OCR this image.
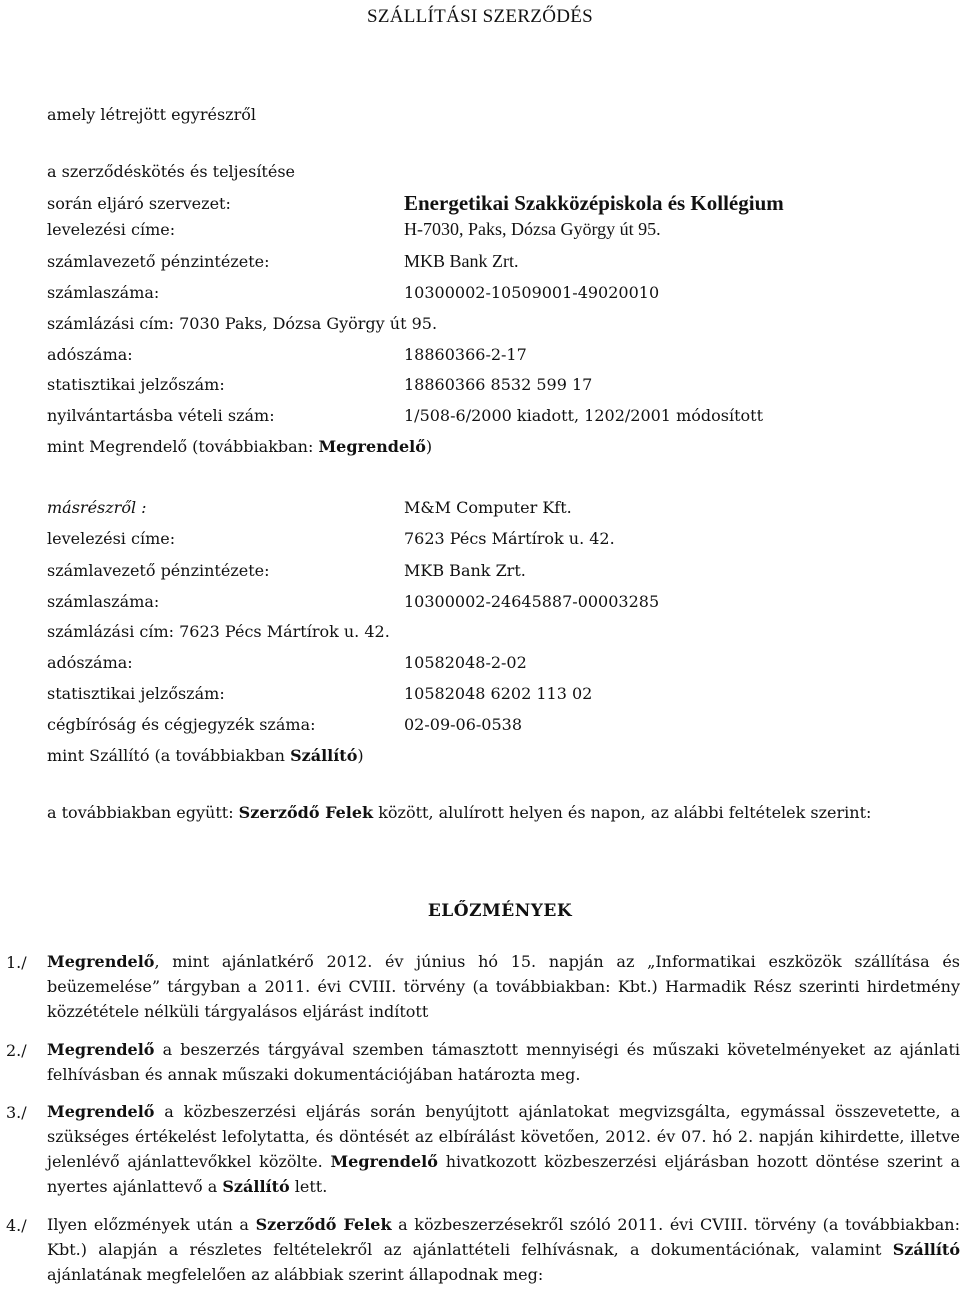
SZÁLLÍTÁSI SZERZŐDÉS
amely létrejött egyrészről
a szerződéskötés és teljesítése
során eljáró szervezet:	Energetikai Szakközépiskola és Kollégium
levelezési címe:	H-7030, Paks, Dózsa György út 95.
számlavezető pénzintézete:	MKB Bank Zrt.
számlaszáma:	10300002-10509001-49020010
számlázási cím: 7030 Paks, Dózsa György út 95.
adószáma:	18860366-2-17
statisztikai jelzőszám:	18860366 8532 599 17
nyilvántartásba vételi szám:	1/508-6/2000 kiadott, 1202/2001 módosított
mint Megrendelő (továbbiakban: Megrendelő)
másrészről :	M&M Computer Kft.
levelezési címe:	7623 Pécs Mártírok u. 42.
számlavezető pénzintézete:	MKB Bank Zrt.
számlaszáma:	10300002-24645887-00003285
számlázási cím: 7623 Pécs Mártírok u. 42.
adószáma:	10582048-2-02
statisztikai jelzőszám:	10582048 6202 113 02
cégbíróság és cégjegyzék száma:	02-09-06-0538
mint Szállító (a továbbiakban Szállító)
a továbbiakban együtt: Szerződő Felek között, alulírott helyen és napon, az alábbi feltételek szerint:
ELŐZMÉNYEK
1./ Megrendelő, mint ajánlatkérő 2012. év június hó 15. napján az „Informatikai eszközök szállítása és beüzemelése” tárgyban a 2011. évi CVIII. törvény (a továbbiakban: Kbt.) Harmadik Rész szerinti hirdetmény közzététele nélküli tárgyalásos eljárást indított
2./ Megrendelő a beszerzés tárgyával szemben támasztott mennyiségi és műszaki követelményeket az ajánlati felhívásban és annak műszaki dokumentációjában határozta meg.
3./ Megrendelő a közbeszerzési eljárás során benyújtott ajánlatokat megvizsgálta, egymással összevetette, a szükséges értékelést lefolytatta, és döntését az elbírálást követően, 2012. év 07. hó 2. napján kihirdette, illetve jelenlévő ajánlattevőkkel közölte. Megrendelő hivatkozott közbeszerzési eljárásban hozott döntése szerint a nyertes ajánlattevő a Szállító lett.
4./ Ilyen előzmények után a Szerződő Felek a közbeszerzésekről szóló 2011. évi CVIII. törvény (a továbbiakban: Kbt.) alapján a részletes feltételekről az ajánlattételi felhívásnak, a dokumentációnak, valamint Szállító ajánlatának megfelelően az alábbiak szerint állapodnak meg:
